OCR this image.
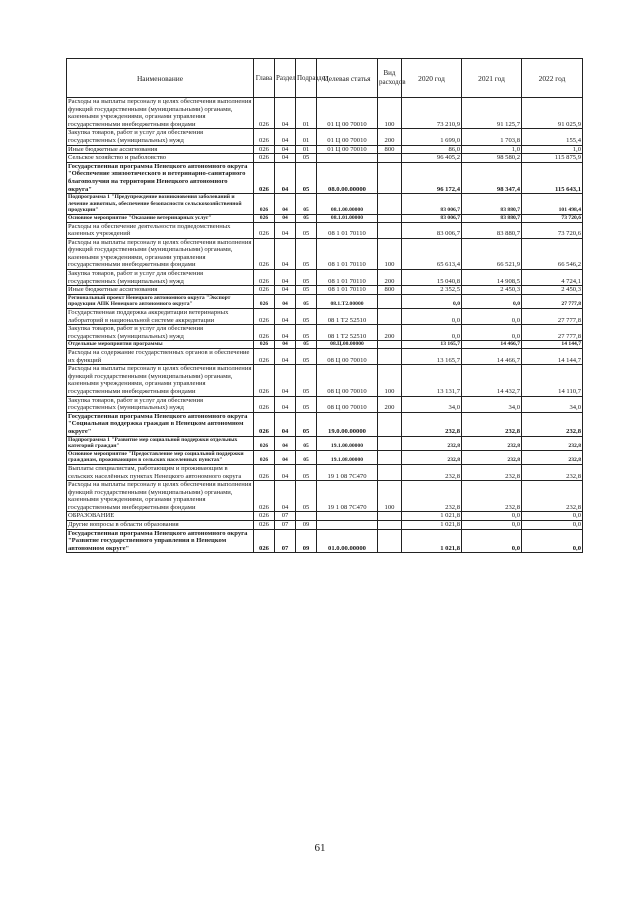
Наименование	Глава	Раздел	Подраздел	Целевая статья	Вид расходов	2020 год	2021 год	2022 год
Расходы на выплаты персоналу в целях обеспечения выполнения функций государственными (муниципальными) органами, казенными учреждениями, органами управления государственными внебюджетными фондами	026	04	01	01 Ц 00 70010	100	73 210,9	91 125,7	91 025,9
Закупка товаров, работ и услуг для обеспечения государственных (муниципальных) нужд	026	04	01	01 Ц 00 70010	200	1 699,0	1 703,8	155,4
Иные бюджетные ассигнования	026	04	01	01 Ц 00 70010	800	86,0	1,0	1,0
Сельское хозяйство и рыболовство	026	04	05			96 405,2	98 580,2	115 875,9
Государственная программа Ненецкого автономного округа "Обеспечение эпизоотического и ветеринарно-санитарного благополучия на территории Ненецкого автономного округа"	026	04	05	08.0.00.00000		96 172,4	98 347,4	115 643,1
Подпрограмма 1 "Предупреждение возникновения заболеваний и лечение животных, обеспечение безопасности сельскохозяйственной продукции"	026	04	05	08.1.00.00000		83 006,7	83 880,7	101 498,4
Основное мероприятие "Оказание ветеринарных услуг"	026	04	05	08.1.01.00000		83 006,7	83 880,7	73 720,6
Расходы на обеспечение деятельности подведомственных казенных учреждений	026	04	05	08 1 01 70110		83 006,7	83 880,7	73 720,6
Расходы на выплаты персоналу в целях обеспечения выполнения функций государственными (муниципальными) органами, казенными учреждениями, органами управления государственными внебюджетными фондами	026	04	05	08 1 01 70110	100	65 613,4	66 521,9	66 546,2
Закупка товаров, работ и услуг для обеспечения государственных (муниципальных) нужд	026	04	05	08 1 01 70110	200	15 040,8	14 908,5	4 724,1
Иные бюджетные ассигнования	026	04	05	08 1 01 70110	800	2 352,5	2 450,3	2 450,3
Региональный проект Ненецкого автономного округа "Экспорт продукции АПК Ненецкого автономного округа"	026	04	05	08.1.T2.00000		0,0	0,0	27 777,8
Государственная поддержка аккредитации ветеринарных лабораторий в национальной системе аккредитации	026	04	05	08 1 T2 52510		0,0	0,0	27 777,8
Закупка товаров, работ и услуг для обеспечения государственных (муниципальных) нужд	026	04	05	08 1 T2 52510	200	0,0	0,0	27 777,8
Отдельные мероприятия программы	026	04	05	08.Ц.00.00000		13 165,7	14 466,7	14 144,7
Расходы на содержание государственных органов и обеспечение их функций	026	04	05	08 Ц 00 70010		13 165,7	14 466,7	14 144,7
Расходы на выплаты персоналу в целях обеспечения выполнения функций государственными (муниципальными) органами, казенными учреждениями, органами управления государственными внебюджетными фондами	026	04	05	08 Ц 00 70010	100	13 131,7	14 432,7	14 110,7
Закупка товаров, работ и услуг для обеспечения государственных (муниципальных) нужд	026	04	05	08 Ц 00 70010	200	34,0	34,0	34,0
Государственная программа Ненецкого автономного округа "Социальная поддержка граждан в Ненецком автономном округе"	026	04	05	19.0.00.00000		232,8	232,8	232,8
Подпрограмма 1 "Развитие мер социальной поддержки отдельных категорий граждан"	026	04	05	19.1.00.00000		232,8	232,8	232,8
Основное мероприятие "Предоставление мер социальной поддержки гражданам, проживающим в сельских населенных пунктах"	026	04	05	19.1.08.00000		232,8	232,8	232,8
Выплаты специалистам, работающим и проживающим в сельских населённых пунктах Ненецкого автономного округа	026	04	05	19 1 08 7С470		232,8	232,8	232,8
Расходы на выплаты персоналу в целях обеспечения выполнения функций государственными (муниципальными) органами, казенными учреждениями, органами управления государственными внебюджетными фондами	026	04	05	19 1 08 7С470	100	232,8	232,8	232,8
ОБРАЗОВАНИЕ	026	07				1 021,8	0,0	0,0
Другие вопросы в области образования	026	07	09			1 021,8	0,0	0,0
Государственная программа Ненецкого автономного округа "Развитие государственного управления в Ненецком автономном округе"	026	07	09	01.0.00.00000		1 021,8	0,0	0,0
61
